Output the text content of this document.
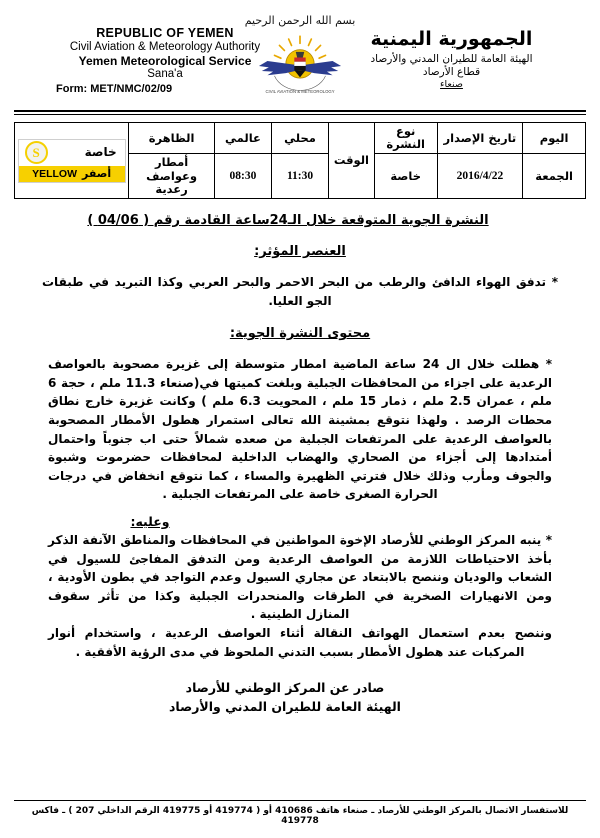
بسم الله الرحمن الرحيم
REPUBLIC OF YEMEN
Civil Aviation & Meteorology Authority
Yemen Meteorological Service
Sana'a
Form: MET/NMC/02/09	CIVIL AVIATION & METEOROLOGY
الجمهورية اليمنية
الهيئة العامة للطيران المدني والأرصاد
قطاع الأرصاد
صنعاء
اليوم	تاريخ الإصدار	نوع النشرة	الوقت	محلي	عالمي	الظاهرة	خاصة
S
أصفر
YELLOW

الجمعة	2016/4/22	خاصة		11:30	08:30	أمطار وعواصف رعدية	
النشرة الجوية المتوقعة خلال الـ24ساعة القادمة رقم ( 04/06 )
العنصر المؤثر:
* تدفق الهواء الدافئ والرطب من البحر الاحمر والبحر العربي وكذا التبريد في طبقات الجو العليا.
محتوى النشرة الجوية:
* هطلت خلال ال 24 ساعة الماضية امطار متوسطة إلى غزيرة مصحوبة بالعواصف الرعدية على اجزاء من المحافظات الجبلية وبلغت كميتها في(صنعاء 11.3 ملم ، حجة 6 ملم ، عمران 2.5 ملم ، ذمار 15 ملم ، المحويت 6.3 ملم ) وكانت غزيرة خارج نطاق محطات الرصد . ولهذا نتوقع بمشينة الله تعالى استمرار هطول الأمطار المصحوبة بالعواصف الرعدية على المرتفعات الجبلية من صعده شمالاً حتى اب جنوباً واحتمال أمتدادها إلى أجزاء من الصحاري والهضاب الداخلية لمحافظات حضرموت وشبوة والجوف ومأرب وذلك خلال فترتي الظهيرة والمساء ، كما نتوقع انخفاض في درجات الحرارة الصغرى خاصة على المرتفعات الجبلية .
وعليه:
* ينبه المركز الوطني للأرصاد الإخوة المواطنين في المحافظات والمناطق الآنفة الذكر بأخذ الاحتياطات اللازمة من العواصف الرعدية ومن التدفق المفاجئ للسيول في الشعاب والوديان وننصح بالابتعاد عن مجاري السيول وعدم التواجد في بطون الأودية ، ومن الانهيارات الصخرية في الطرقات والمنحدرات الجبلية وكذا من تأثر سقوف المنازل الطينية .
وننصح بعدم استعمال الهواتف النقالة أثناء العواصف الرعدية ، واستخدام أنوار المركبات عند هطول الأمطار بسبب التدني الملحوظ في مدى الرؤية الأفقية .
صادر عن المركز الوطني للأرصاد
الهيئة العامة للطيران المدني والأرصاد
للاستفسار الاتصال بالمركز الوطني للأرصاد ـ صنعاء هاتف 410686 أو ( 419774 أو 419775 الرقم الداخلي 207 ) ـ فاكس 419778
